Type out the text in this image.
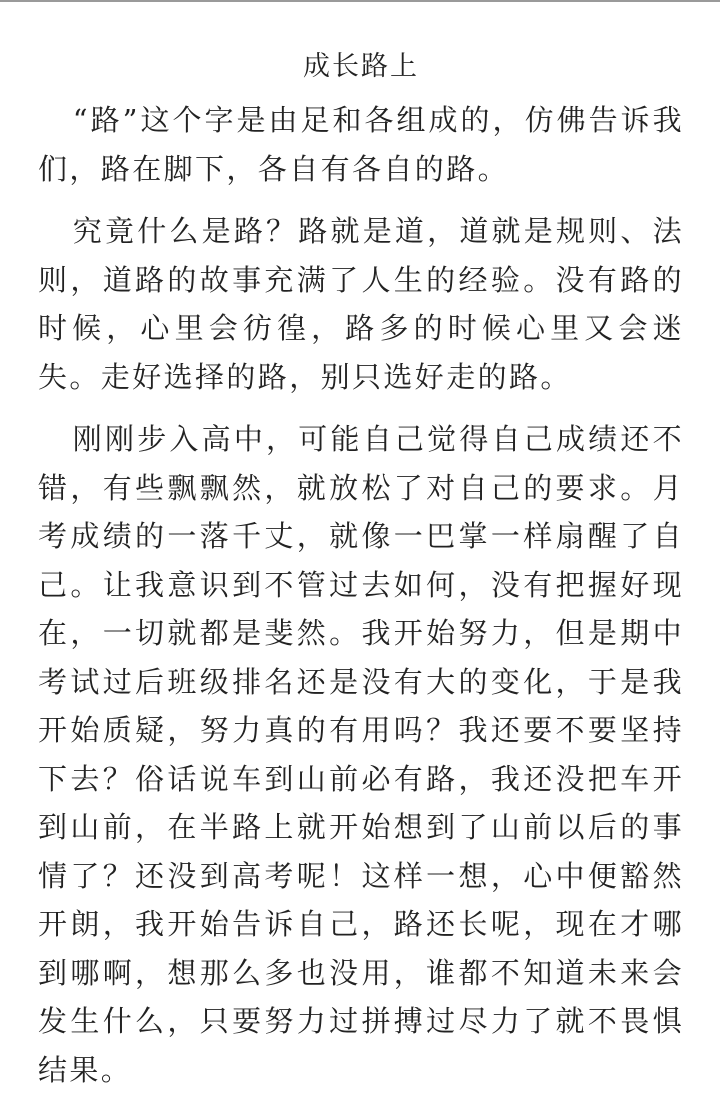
成长路上

“路”这个字是由足和各组成的，仿佛告诉我们，路在脚下，各自有各自的路。

究竟什么是路？路就是道，道就是规则、法则，道路的故事充满了人生的经验。没有路的时候，心里会彷徨，路多的时候心里又会迷失。走好选择的路，别只选好走的路。

刚刚步入高中，可能自己觉得自己成绩还不错，有些飘飘然，就放松了对自己的要求。月考成绩的一落千丈，就像一巴掌一样扇醒了自己。让我意识到不管过去如何，没有把握好现在，一切就都是斐然。我开始努力，但是期中考试过后班级排名还是没有大的变化，于是我开始质疑，努力真的有用吗？我还要不要坚持下去？俗话说车到山前必有路，我还没把车开到山前，在半路上就开始想到了山前以后的事情了？还没到高考呢！这样一想，心中便豁然开朗，我开始告诉自己，路还长呢，现在才哪到哪啊，想那么多也没用，谁都不知道未来会发生什么，只要努力过拼搏过尽力了就不畏惧结果。
